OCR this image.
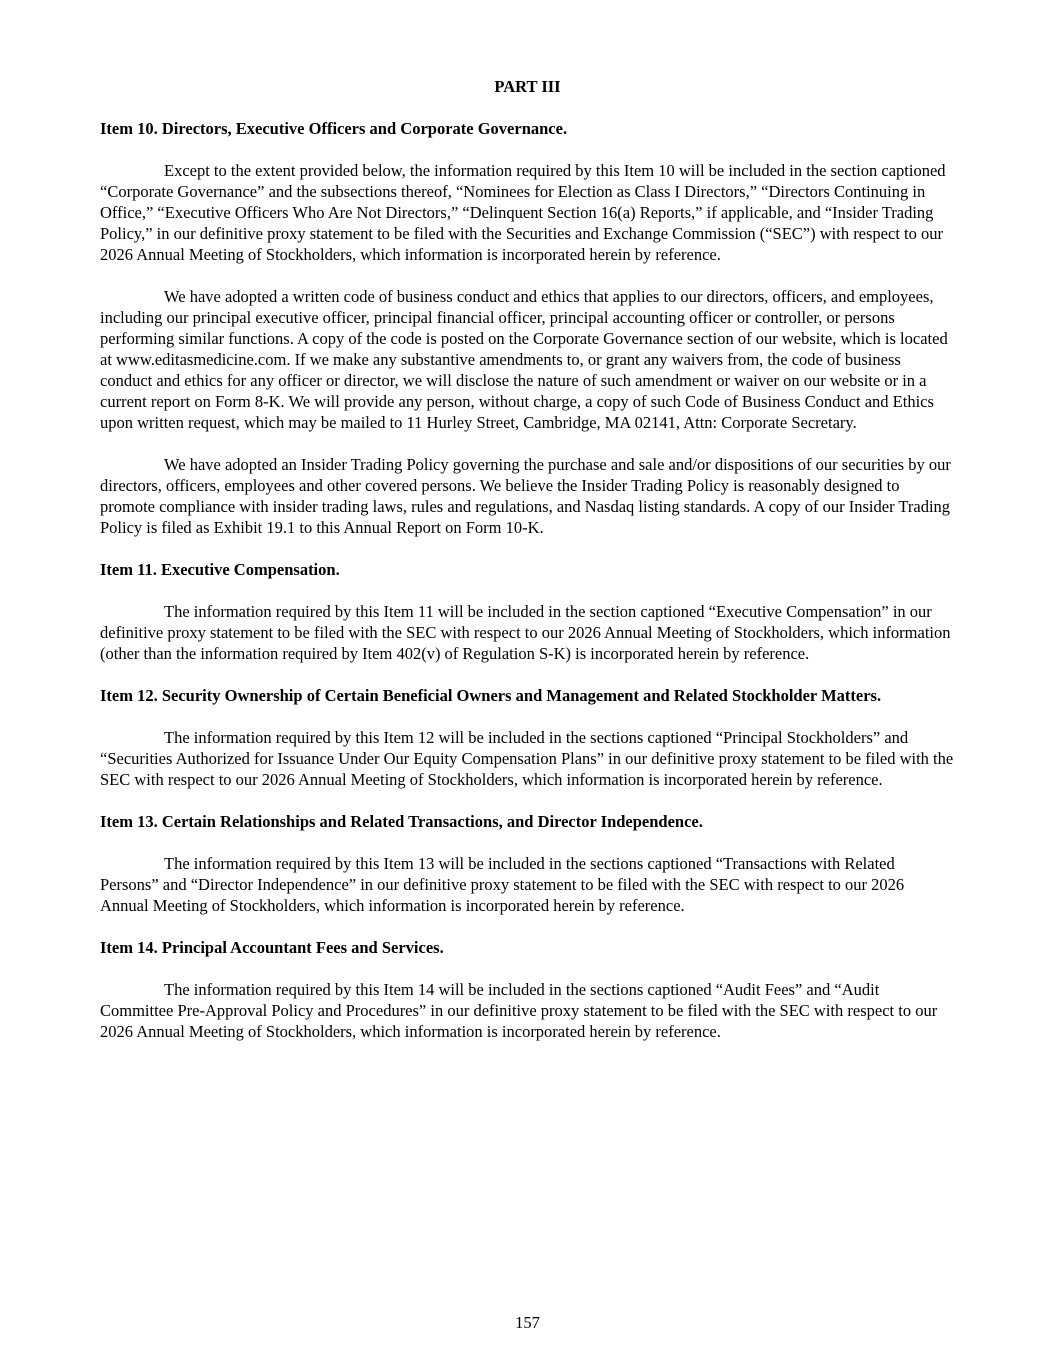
PART III
Item 10. Directors, Executive Officers and Corporate Governance.

Except to the extent provided below, the information required by this Item 10 will be included in the section captioned “Corporate Governance” and the subsections thereof, “Nominees for Election as Class I Directors,” “Directors Continuing in Office,” “Executive Officers Who Are Not Directors,” “Delinquent Section 16(a) Reports,” if applicable, and “Insider Trading Policy,” in our definitive proxy statement to be filed with the Securities and Exchange Commission (“SEC”) with respect to our 2026 Annual Meeting of Stockholders, which information is incorporated herein by reference.

We have adopted a written code of business conduct and ethics that applies to our directors, officers, and employees, including our principal executive officer, principal financial officer, principal accounting officer or controller, or persons performing similar functions. A copy of the code is posted on the Corporate Governance section of our website, which is located at www.editasmedicine.com. If we make any substantive amendments to, or grant any waivers from, the code of business conduct and ethics for any officer or director, we will disclose the nature of such amendment or waiver on our website or in a current report on Form 8-K. We will provide any person, without charge, a copy of such Code of Business Conduct and Ethics upon written request, which may be mailed to 11 Hurley Street, Cambridge, MA 02141, Attn: Corporate Secretary.

We have adopted an Insider Trading Policy governing the purchase and sale and/or dispositions of our securities by our directors, officers, employees and other covered persons. We believe the Insider Trading Policy is reasonably designed to promote compliance with insider trading laws, rules and regulations, and Nasdaq listing standards. A copy of our Insider Trading Policy is filed as Exhibit 19.1 to this Annual Report on Form 10-K.

Item 11. Executive Compensation.

The information required by this Item 11 will be included in the section captioned “Executive Compensation” in our definitive proxy statement to be filed with the SEC with respect to our 2026 Annual Meeting of Stockholders, which information (other than the information required by Item 402(v) of Regulation S-K) is incorporated herein by reference.

Item 12. Security Ownership of Certain Beneficial Owners and Management and Related Stockholder Matters.

The information required by this Item 12 will be included in the sections captioned “Principal Stockholders” and “Securities Authorized for Issuance Under Our Equity Compensation Plans” in our definitive proxy statement to be filed with the SEC with respect to our 2026 Annual Meeting of Stockholders, which information is incorporated herein by reference.

Item 13. Certain Relationships and Related Transactions, and Director Independence.

The information required by this Item 13 will be included in the sections captioned “Transactions with Related Persons” and “Director Independence” in our definitive proxy statement to be filed with the SEC with respect to our 2026 Annual Meeting of Stockholders, which information is incorporated herein by reference.

Item 14. Principal Accountant Fees and Services.

The information required by this Item 14 will be included in the sections captioned “Audit Fees” and “Audit Committee Pre-Approval Policy and Procedures” in our definitive proxy statement to be filed with the SEC with respect to our 2026 Annual Meeting of Stockholders, which information is incorporated herein by reference.

157
